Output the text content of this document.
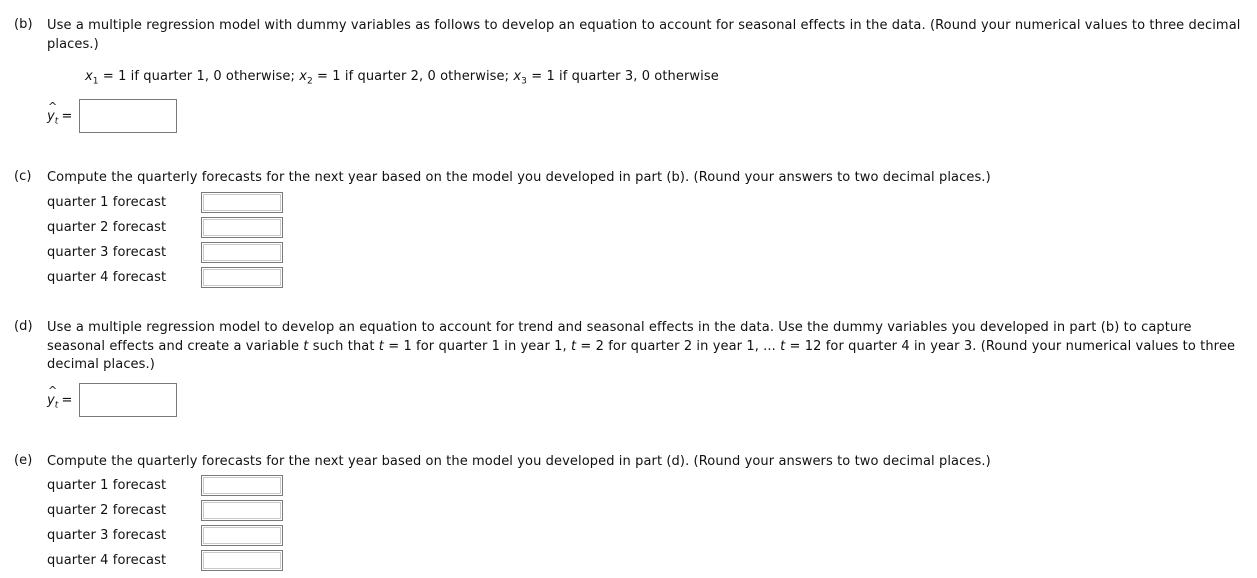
(b) Use a multiple regression model with dummy variables as follows to develop an equation to account for seasonal effects in the data. (Round your numerical values to three decimal places.)
$x_1 = 1$ if quarter 1, 0 otherwise; $x_2 = 1$ if quarter 2, 0 otherwise; $x_3 = 1$ if quarter 3, 0 otherwise
^ $y_t$ =
(c) Compute the quarterly forecasts for the next year based on the model you developed in part (b). (Round your answers to two decimal places.)
quarter 1 forecast
quarter 2 forecast
quarter 3 forecast
quarter 4 forecast
(d) Use a multiple regression model to develop an equation to account for trend and seasonal effects in the data. Use the dummy variables you developed in part (b) to capture seasonal effects and create a variable t such that t = 1 for quarter 1 in year 1, t = 2 for quarter 2 in year 1, ... t = 12 for quarter 4 in year 3. (Round your numerical values to three decimal places.)
^ $y_t$ =
(e) Compute the quarterly forecasts for the next year based on the model you developed in part (d). (Round your answers to two decimal places.)
quarter 1 forecast
quarter 2 forecast
quarter 3 forecast
quarter 4 forecast
